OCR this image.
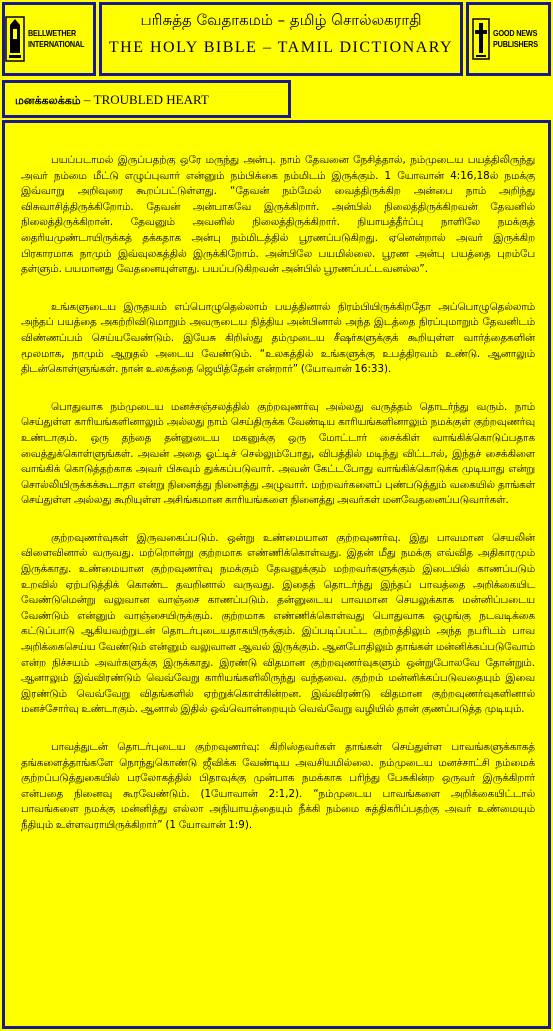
BELLWETHER
INTERNATIONAL
பரிசுத்த வேதாகமம் – தமிழ் சொல்லகராதி
THE HOLY BIBLE – TAMIL DICTIONARY
GOOD NEWS
PUBLISHERS
மனக்கலக்கம் – TROUBLED HEART

பயப்படாமல் இருப்பதற்கு ஒரே மருந்து அன்பு. நாம் தேவனை நேசித்தால், நம்முடைய பயத்திலிருந்து அவர் நம்மை மீட்டு எழுப்புவார் என்னும் நம்பிக்கை நம்மிடம் இருக்கும். 1 யோவான் 4:16,18ல் நமக்கு இவ்வாறு அறிவுரை கூறப்பட்டுள்ளது. “தேவன் நம்மேல் வைத்திருக்கிற அன்பை நாம் அறிந்து விசுவாசித்திருக்கிறோம். தேவன் அன்பாகவே இருக்கிறார். அன்பில் நிலைத்திருக்கிறவன் தேவனில் நிலைத்திருக்கிறான். தேவனும் அவனில் நிலைத்திருக்கிறார். நியாயத்தீர்ப்பு நாளிலே நமக்குத் தைரியமுண்டாயிருக்கத் தக்கதாக அன்பு நம்மிடத்தில் பூரணப்படுகிறது. ஏனென்றால் அவர் இருக்கிற பிரகாரமாக நாமும் இவ்வுலகத்தில் இருக்கிறோம். அன்பிலே பயமில்லை. பூரண அன்பு பயத்தை புறம்பே தள்ளும். பயமானது வேதனையுள்ளது. பயப்படுகிறவன் அன்பில் பூரணப்பட்டவனல்ல”.

உங்களுடைய இருதயம் எப்பொழுதெல்லாம் பயத்தினால் நிரம்பியிருக்கிறதோ அப்பொழுதெல்லாம் அந்தப் பயத்தை அகற்றிவிடுமாறும் அவருடைய நித்திய அன்பினால் அந்த இடத்தை நிரப்புமாறும் தேவனிடம் விண்ணப்பம் செய்யவேண்டும். இயேசு கிறிஸ்து தம்முடைய சீஷர்களுக்குக் கூறியுள்ள வார்த்தைகளின் மூலமாக, நாமும் ஆறுதல் அடைய வேண்டும். “உலகத்தில் உங்களுக்கு உபத்திரவம் உண்டு. ஆனாலும் திடன்கொள்ளுங்கள். நான் உலகத்தை ஜெயித்தேன் என்றார்” (யோவான் 16:33).

பொதுவாக நம்முடைய மனச்சஞ்சலத்தில் குற்றவுணர்வு அல்லது வருத்தம் தொடர்ந்து வரும். நாம் செய்துள்ள காரியங்களினாலும் அல்லது நாம் செய்திருக்க வேண்டிய காரியங்களினாலும் நமக்குள் குற்றவுணர்வு உண்டாகும். ஒரு தந்தை தன்னுடைய மகனுக்கு ஒரு மோட்டார் சைக்கிள் வாங்கிக்கொடுப்பதாக வைத்துக்கொள்ளுங்கள். அவன் அதை ஓட்டிச் செல்லும்போது, விபத்தில் மடிந்து விட்டால், இந்தச் சைக்கிளை வாங்கிக் கொடுத்தற்காக அவர் பிசுவும் துக்கப்படுவார். அவன் கேட்டபோது வாங்கிக்கொடுக்க முடியாது என்று சொல்லியிருக்கக்கூடாதா என்று நினைத்து நினைத்து அழுவார். மற்றவர்களைப் புண்படுத்தும் வகையில் தாங்கள் செய்துள்ள அல்லது கூறியுள்ள அசிங்கமான காரியங்களை நினைத்து அவர்கள் மனவேதனைப்படுவார்கள்.

குற்றவுணர்வுகள் இருவகைப்படும். ஒன்று உண்மையான குற்றவுணர்வு. இது பாவமான செயலின் விளைவினால் வருவது. மற்றொன்று குற்றமாக எண்ணிக்கொள்வது. இதன் மீது நமக்கு எவ்வித அதிகாரமும் இருக்காது. உண்மையான குற்றவுணர்வு நமக்கும் தேவனுக்கும் மற்றவர்களுக்கும் இடையில் காணப்படும் உறவில் ஏற்படுத்திக் கொண்ட தவறினால் வருவது. இதைத் தொடர்ந்து இந்தப் பாவத்தை அறிக்கையிட வேண்டுமென்று வலுவான வாஞ்சை காணப்படும். தன்னுடைய பாவமான செயலுக்காக மன்னிப்படைய வேண்டும் என்னும் வாஞ்சையிருக்கும். குற்றமாக எண்ணிக்கொள்வது பொதுவாக ஒழுங்கு நடவடிக்கை கட்டுப்பாடு ஆகியவற்றுடன் தொடர்புடையதாகயிருக்கும். இப்படிப்பட்ட குற்றத்திலும் அந்த நபரிடம் பாவ அறிக்கைசெய்ய வேண்டும் என்னும் வலுவான ஆவல் இருக்கும். ஆனபோதிலும் தாங்கள் மன்னிக்கப்படுவோம் என்ற நிச்சயம் அவர்களுக்கு இருக்காது. இரண்டு விதமான குற்றவுணர்வுகளும் ஒன்றுபோலவே தோன்றும். ஆனாலும் இவ்விரண்டும் வெவ்வேறு காரியங்களிலிருந்து வந்தவை. குற்றம் மன்னிக்கப்படுவதையும் இவை இரண்டும் வெவ்வேறு விதங்களில் ஏற்றுக்கொள்கின்றன. இவ்விரண்டு விதமான குற்றவுணர்வுகளினால் மனச்சோர்வு உண்டாகும். ஆனால் இதில் ஒவ்வொன்றையும் வெவ்வேறு வழியில் தான் குணப்படுத்த முடியும்.

பாவத்துடன் தொடர்புடைய குற்றவுணர்வு: கிறிஸ்தவர்கள் தாங்கள் செய்துள்ள பாவங்களுக்காகத் தங்களைத்தாங்களே நொந்துகொண்டு ஜீவிக்க வேண்டிய அவசியமில்லை. நம்முடைய மனச்சாட்சி நம்மைக் குற்றப்படுத்துகையில் பரலோகத்தில் பிதாவுக்கு முன்பாக நமக்காக பரிந்து பேசுகின்ற ஒருவர் இருக்கிறார் என்பதை நினைவு கூரவேண்டும். (1யோவான் 2:1,2). “நம்முடைய பாவங்களை அறிக்கையிட்டால் பாவங்களை நமக்கு மன்னித்து எல்லா அநியாயத்தையும் நீக்கி நம்மை சுத்திகரிப்பதற்கு அவர் உண்மையும் நீதியும் உள்ளவராயிருக்கிறார்” (1 யோவான் 1:9).
